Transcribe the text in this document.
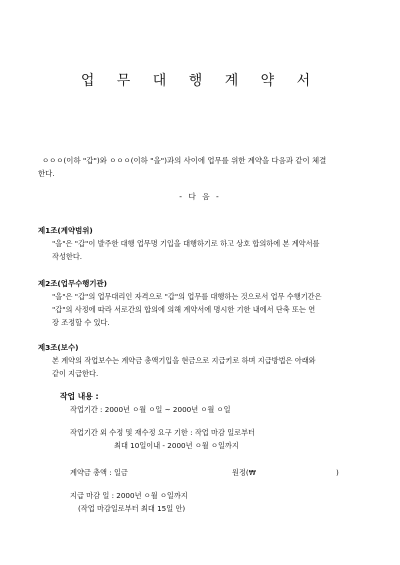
업 무 대 행 계 약 서
ㅇㅇㅇ(이하 "갑")와 ㅇㅇㅇ(이하 "을")과의 사이에 업무를 위한 계약을 다음과 같이 체결
한다.
- 다 음 -
제1조(계약범위)
"을"은 "갑"이 발주한 대행 업무명 기입을 대행하기로 하고 상호 합의하에 본 계약서를
작성한다.
제2조(업무수행기관)
"을"은 "갑"의 업무대리인 자격으로 "갑"의 업무를 대행하는 것으로서 업무 수행기간은
"갑"의 사정에 따라 서로간의 합의에 의해 계약서에 명시한 기한 내에서 단축 또는 연
장 조정할 수 있다.
제3조(보수)
본 계약의 작업보수는 계약금 총액기입을 현금으로 지급키로 하며 지급방법은 아래와
같이 지급한다.
작업 내용 :
작업기간 : 2000년 ㅇ월 ㅇ일 ~ 2000년 ㅇ월 ㅇ일
작업기간 외 수정 및 재수정 요구 기한 : 작업 마감 일로부터
최대 10일이내 - 2000년 ㅇ월 ㅇ일까지
계약금 총액 : 일금	원정(₩	)
지급 마감 일 : 2000년 ㅇ월 ㅇ일까지
(작업 마감일로부터 최대 15일 안)
